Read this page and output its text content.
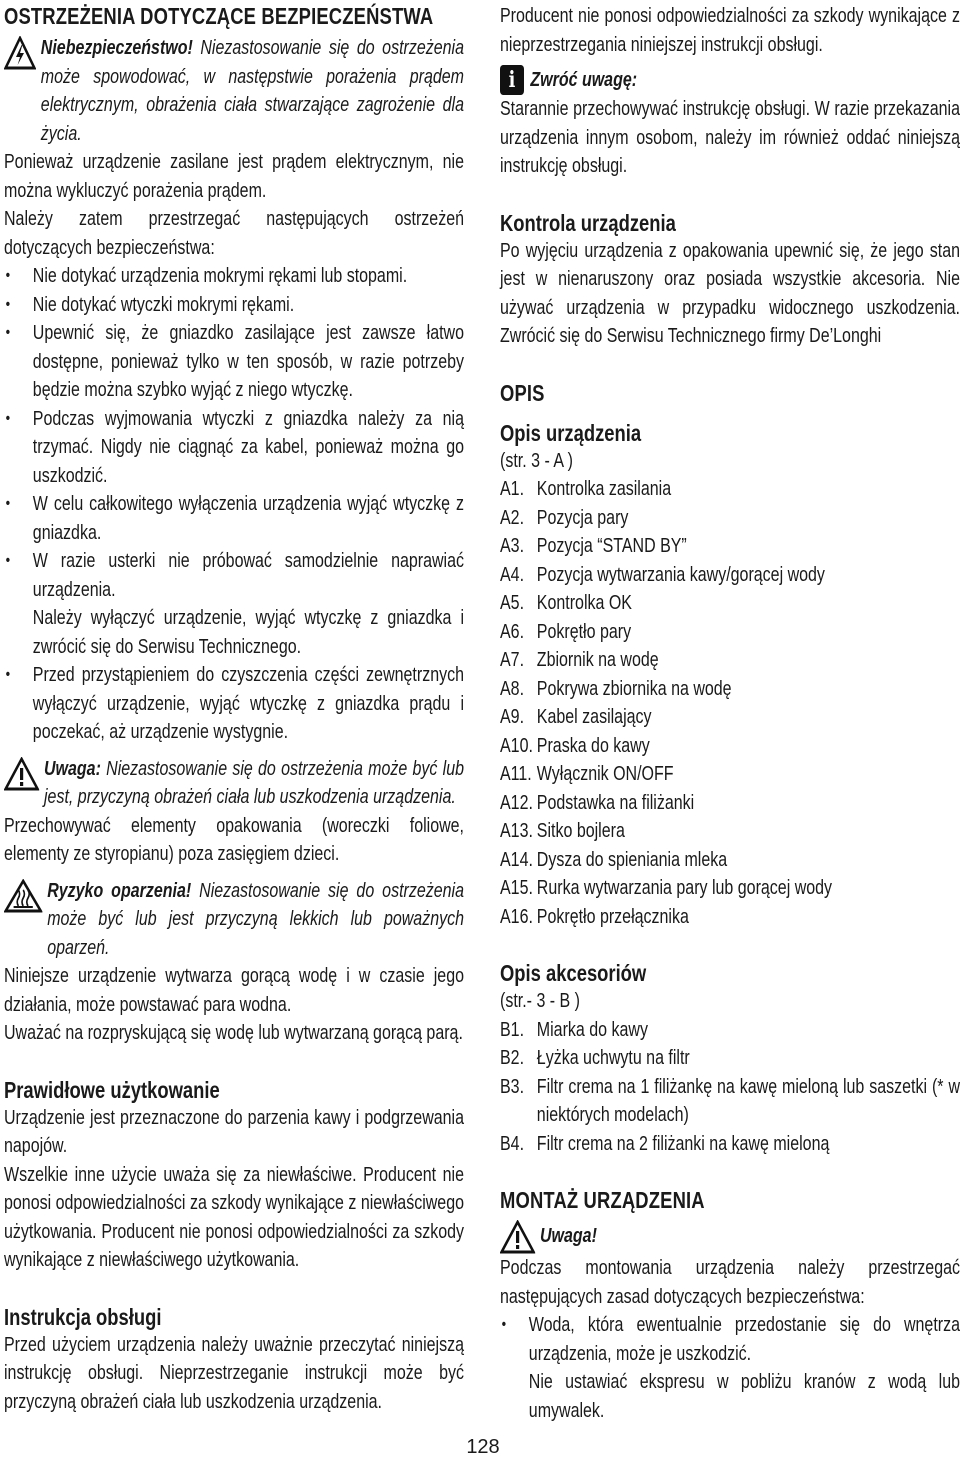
OSTRZEŻENIA DOTYCZĄCE BEZPIECZEŃSTWA

Niebezpieczeństwo! Niezastosowanie się do ostrzeżenia może spowodować, w następstwie porażenia prądem elektrycznym, obrażenia ciała stwarzające zagrożenie dla życia.

Ponieważ urządzenie zasilane jest prądem elektrycznym, nie można wykluczyć porażenia prądem.

Należy zatem przestrzegać następujących ostrzeżeń dotyczących bezpieczeństwa:

• Nie dotykać urządzenia mokrymi rękami lub stopami.
• Nie dotykać wtyczki mokrymi rękami.
• Upewnić się, że gniazdko zasilające jest zawsze łatwo dostępne, ponieważ tylko w ten sposób, w razie potrzeby będzie można szybko wyjąć z niego wtyczkę.
• Podczas wyjmowania wtyczki z gniazdka należy za nią trzymać. Nigdy nie ciągnąć za kabel, ponieważ można go uszkodzić.
• W celu całkowitego wyłączenia urządzenia wyjąć wtyczkę z gniazdka.
• W razie usterki nie próbować samodzielnie naprawiać urządzenia.
Należy wyłączyć urządzenie, wyjąć wtyczkę z gniazdka i zwrócić się do Serwisu Technicznego.
• Przed przystąpieniem do czyszczenia części zewnętrznych wyłączyć urządzenie, wyjąć wtyczkę z gniazdka prądu i poczekać, aż urządzenie wystygnie.

Uwaga: Niezastosowanie się do ostrzeżenia może być lub jest, przyczyną obrażeń ciała lub uszkodzenia urządzenia.

Przechowywać elementy opakowania (woreczki foliowe, elementy ze styropianu) poza zasięgiem dzieci.

Ryzyko oparzenia! Niezastosowanie się do ostrzeżenia może być lub jest przyczyną lekkich lub poważnych oparzeń.

Niniejsze urządzenie wytwarza gorącą wodę i w czasie jego działania, może powstawać para wodna.

Uważać na rozpryskującą się wodę lub wytwarzaną gorącą parą.

Prawidłowe użytkowanie

Urządzenie jest przeznaczone do parzenia kawy i podgrzewania napojów.

Wszelkie inne użycie uważa się za niewłaściwe. Producent nie ponosi odpowiedzialności za szkody wynikające z niewłaściwego użytkowania. Producent nie ponosi odpowiedzialności za szkody wynikające z niewłaściwego użytkowania.

Instrukcja obsługi

Przed użyciem urządzenia należy uważnie przeczytać niniejszą instrukcję obsługi. Nieprzestrzeganie instrukcji może być przyczyną obrażeń ciała lub uszkodzenia urządzenia.

Producent nie ponosi odpowiedzialności za szkody wynikające z nieprzestrzegania niniejszej instrukcji obsługi.

i Zwróć uwagę:

Starannie przechowywać instrukcję obsługi. W razie przekazania urządzenia innym osobom, należy im również oddać niniejszą instrukcję obsługi.

Kontrola urządzenia

Po wyjęciu urządzenia z opakowania upewnić się, że jego stan jest w nienaruszony oraz posiada wszystkie akcesoria. Nie używać urządzenia w przypadku widocznego uszkodzenia. Zwrócić się do Serwisu Technicznego firmy De’Longhi

OPIS
Opis urządzenia

(str. 3 - A )

A1. Kontrolka zasilania
A2. Pozycja pary
A3. Pozycja “STAND BY”
A4. Pozycja wytwarzania kawy/gorącej wody
A5. Kontrolka OK
A6. Pokrętło pary
A7. Zbiornik na wodę
A8. Pokrywa zbiornika na wodę
A9. Kabel zasilający
A10. Praska do kawy
A11. Wyłącznik ON/OFF
A12. Podstawka na filiżanki
A13. Sitko bojlera
A14. Dysza do spieniania mleka
A15. Rurka wytwarzania pary lub gorącej wody
A16. Pokrętło przełącznika
Opis akcesoriów

(str.- 3 - B )

B1. Miarka do kawy
B2. Łyżka uchwytu na filtr
B3. Filtr crema na 1 filiżankę na kawę mieloną lub saszetki (* w niektórych modelach)
B4. Filtr crema na 2 filiżanki na kawę mieloną
MONTAŻ URZĄDZENIA
Uwaga!

Podczas montowania urządzenia należy przestrzegać następujących zasad dotyczących bezpieczeństwa:

• Woda, która ewentualnie przedostanie się do wnętrza urządzenia, może je uszkodzić.
Nie ustawiać ekspresu w pobliżu kranów z wodą lub umywalek.
128
